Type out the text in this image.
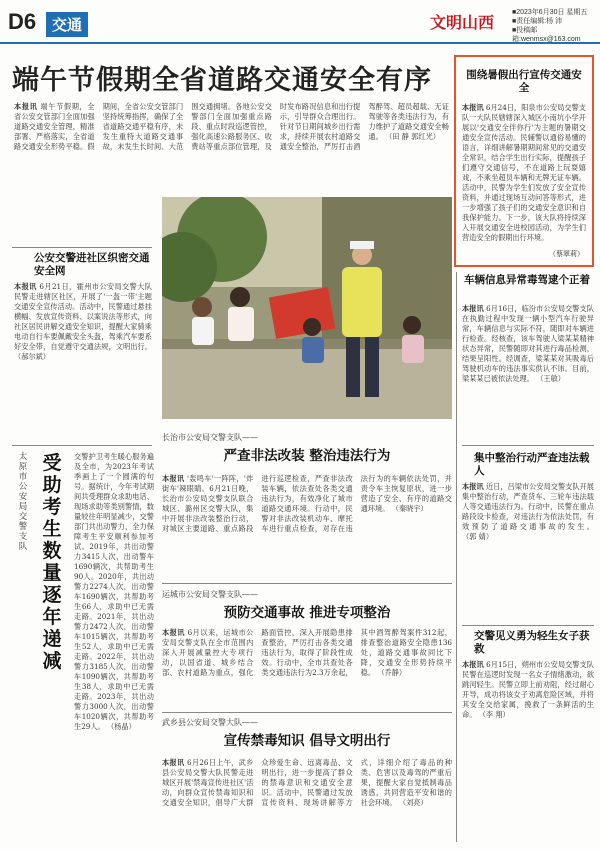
D6	交通	文明山西
■2023年6月30日 星期五
■责任编辑:杨 沛
■投稿邮箱:wenmsx@163.com
端午节假期全省道路交通安全有序
本报讯 端午节假期，全省公安交管部门全面加强道路交通安全管理，精准部署、严格落实，全省道路交通安全形势平稳。假期间，全省公安交管部门坚持统筹指挥，确保了全省道路交通平稳有序，未发生重特大道路交通事故，未发生长时间、大范围交通拥堵。各地公安交警部门全面加强重点路段、重点时段巡逻管控，强化高速公路服务区、收费站等重点部位管理，及时发布路况信息和出行提示，引导群众合理出行。针对节日期间城乡出行需求，持续开展农村道路交通安全整治，严厉打击酒驾醉驾、超员超载、无证驾驶等各类违法行为，有力维护了道路交通安全畅通。 （田 静 郭红光）
围绕暑假出行宣传交通安全
本报讯 6月24日，阳泉市公安局交警支队一大队民辖辖深入城区小南坑小学开展以'交通安全伴你行'为主题的暑期交通安全宣传活动。民辅警以通俗易懂的语言，详细讲解暑期期间常见的交通安全常识，结合学生出行实际，提醒孩子们遵守交通信号，不在道路上玩耍嬉戏，不乘坐超员车辆和无牌无证车辆。活动中，民警为学生们发放了安全宣传资料，并通过现场互动问答等形式，进一步增强了孩子们的交通安全意识和自我保护能力。下一步，该大队将持续深入开展交通安全进校园活动，为学生们营造安全的假期出行环境。
（蔡翠莉）
公安交警进社区织密交通安全网
本报讯 6月21日，霍州市公安局交警大队民警走进辖区社区，开展了'一盔一带'主题交通安全宣传活动。活动中，民警通过悬挂横幅、发放宣传资料、以案说法等形式，向社区居民讲解交通安全知识，提醒大家骑乘电动自行车要佩戴安全头盔，驾乘汽车要系好安全带，自觉遵守交通法规，文明出行。 （郝尔斌）
太原市公安局交警支队
受助考生数量逐年递减
交警护卫考生暖心服务遍及全市，为2023年考试季画上了一个圆满的句号。据统计，今年考试期间共受理群众求助电话、现场求助等类别警情，数量较往年明显减少，交警部门共出动警力，全力保障考生平安顺利参加考试。2019年，共出动警力3415人次，出动警车1690辆次，共帮助考生90人。2020年，共出动警力2274人次，出动警车1690辆次，共帮助考生66人，求助中已无需走路。2021年，共出动警力2472人次，出动警车1015辆次，共帮助考生52人，求助中已无需走路。2022年，共出动警力3185人次，出动警车1090辆次，共帮助考生38人，求助中已无需走路。2023年，共出动警力3000人次，出动警车1020辆次，共帮助考生29人。 （杨晶）
长治市公安局交警支队——
严查非法改装 整治违法行为
本报讯 '轰鸣车'一阵阵，'炸街车'辣眼睛。6月21日晚，长治市公安局交警支队联合城区、潞州区交警大队，集中开展非法改装整治行动，对城区主要道路、重点路段进行巡逻检查，严查非法改装车辆，依法查处各类交通违法行为，有效净化了城市道路交通环境。行动中，民警对非法改装机动车、摩托车进行重点检查，对存在违法行为的车辆依法处罚，并责令车主恢复原状，进一步营造了安全、有序的道路交通环境。 （秦晓宇）
运城市公安局交警支队——
预防交通事故 推进专项整治
本报讯 6月以来，运城市公安局交警支队在全市范围内深入开展减量控大专项行动，以国省道、城乡结合部、农村道路为重点，强化路面管控，深入开展隐患排查整治，严厉打击各类交通违法行为，取得了阶段性成效。行动中，全市共查处各类交通违法行为2.3万余起，其中酒驾醉驾案件312起，排查整治道路安全隐患136处，道路交通事故同比下降，交通安全形势持续平稳。 （乔静）
武乡县公安局交警大队——
宣传禁毒知识 倡导文明出行
本报讯 6月26日上午，武乡县公安局交警大队民警走进城区开展'禁毒宣传进社区'活动，向群众宣传禁毒知识和交通安全知识，倡导广大群众珍爱生命、远离毒品、文明出行，进一步提高了群众的禁毒意识和交通安全意识。活动中，民警通过发放宣传资料、现场讲解等方式，详细介绍了毒品的种类、危害以及毒驾的严重后果，提醒大家自觉抵制毒品诱惑，共同营造平安和谐的社会环境。 （刘亮）
车辆信息异常毒驾逮个正着
本报讯 6月16日，临汾市公安局交警支队在执勤过程中发现一辆小型汽车行驶异常，车辆信息与实际不符，随即对车辆进行检查。经核查，该车驾驶人梁某某精神状态异常，民警随即对其进行毒品检测，结果呈阳性。经调查，梁某某对其吸毒后驾驶机动车的违法事实供认不讳。目前，梁某某已被依法处理。 （王敏）
集中整治行动严查违法载人
本报讯 近日，吕梁市公安局交警支队开展集中整治行动，严查货车、三轮车违法载人等交通违法行为。行动中，民警在重点路段设卡检查，对违法行为依法处罚，有效预防了道路交通事故的发生。 （郭 婧）
交警见义勇为轻生女子获救
本报讯 6月15日，朔州市公安局交警支队民警在巡逻时发现一名女子情绪激动，欲跳河轻生。民警立即上前劝阻，经过耐心开导，成功将该女子劝离危险区域，并将其安全交给家属，挽救了一条鲜活的生命。 （李 翔）
